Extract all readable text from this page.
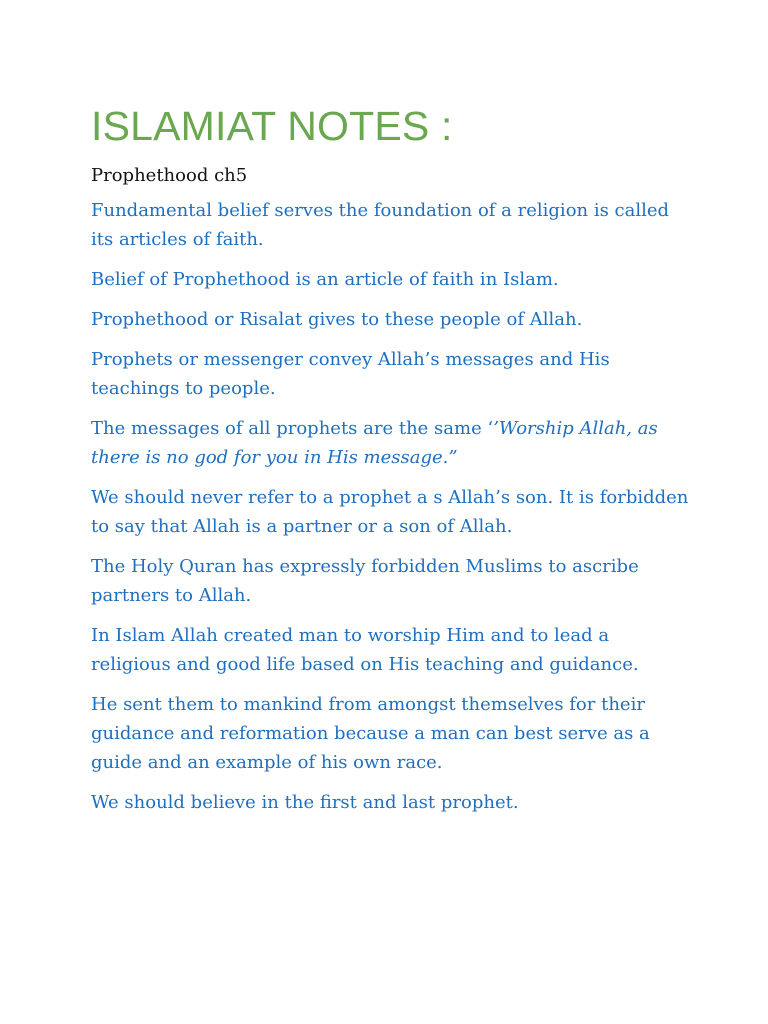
ISLAMIAT NOTES :
Prophethood ch5

Fundamental belief serves the foundation of a religion is called its articles of faith.

Belief of Prophethood is an article of faith in Islam.

Prophethood or Risalat gives to these people of Allah.

Prophets or messenger convey Allah’s messages and His teachings to people.

The messages of all prophets are the same ‘’Worship Allah, as there is no god for you in His message.”

We should never refer to a prophet a s Allah’s son. It is forbidden to say that Allah is a partner or a son of Allah.

The Holy Quran has expressly forbidden Muslims to ascribe partners to Allah.

In Islam Allah created man to worship Him and to lead a religious and good life based on His teaching and guidance.

He sent them to mankind from amongst themselves for their guidance and reformation because a man can best serve as a guide and an example of his own race.

We should believe in the first and last prophet.
